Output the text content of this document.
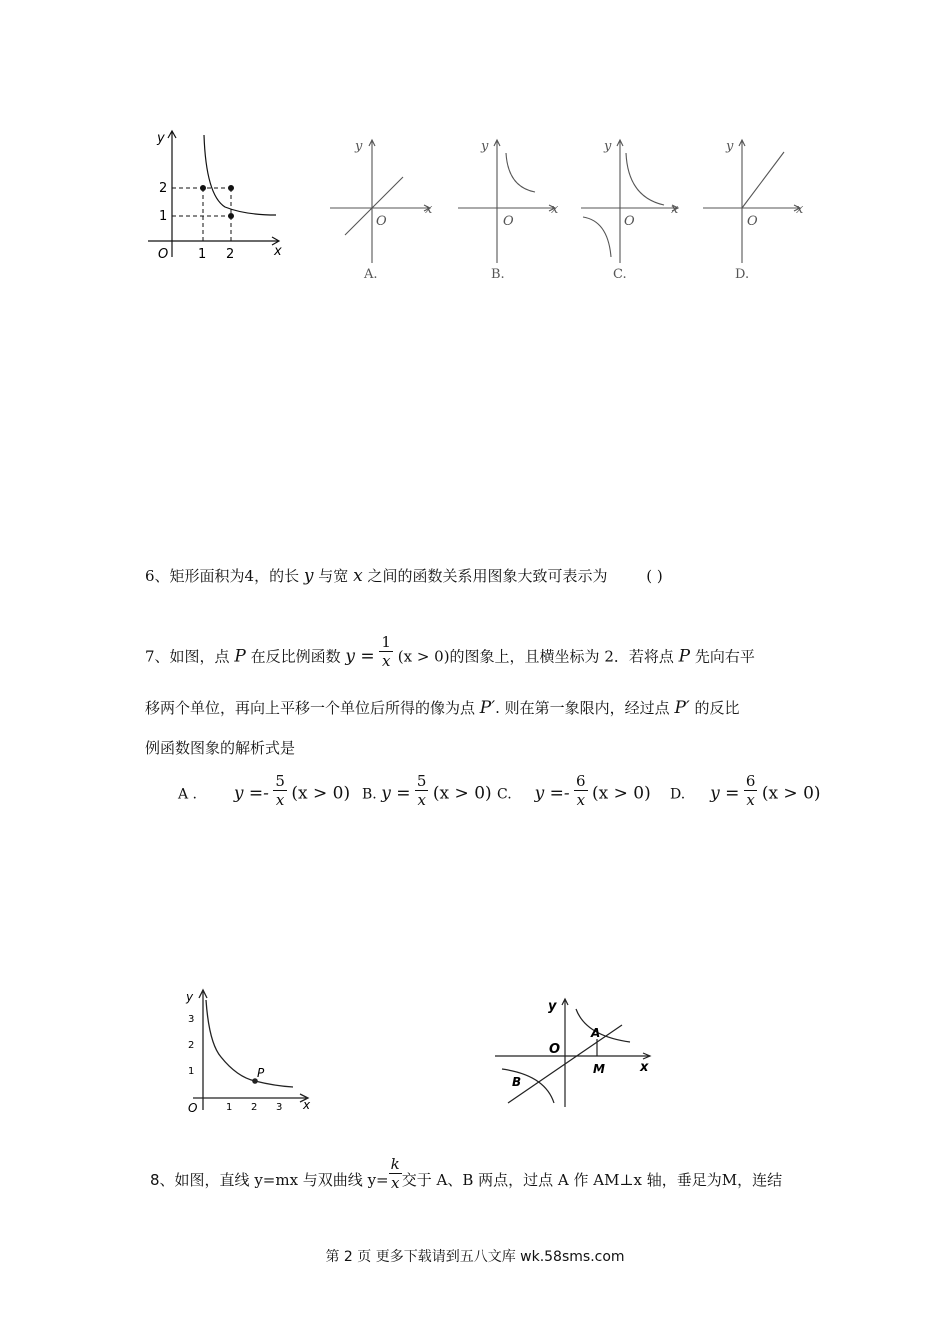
y
x
O 1 2
1
2
y
x
O
A.
y
x
O
B.
y
x
O
C.
y
x
O
D.
6、矩形面积为4，的长 y 与宽 x 之间的函数关系用图象大致可表示为	( )
7、如图，点 P 在反比例函数 $y = \frac{1}{x} (x > 0)$的图象上，且横坐标为 2．若将点 P 先向右平
移两个单位，再向上平移一个单位后所得的像为点 P′. 则在第一象限内，经过点 P′ 的反比
例函数图象的解析式是
A . $y =- \frac{5}{x} (x > 0)$ B. $y = \frac{5}{x} (x > 0)$ C. $y =- \frac{6}{x} (x > 0)$ D. $y = \frac{6}{x} (x > 0)$
y
x
O	1 2 3
1
2
3
P
y
x
O
A
B
M
8、如图，直线 y=mx 与双曲线 $y= \frac{k}{x}$ 交于 A、B 两点，过点 A 作 AM⊥x 轴，垂足为M，连结
第 2 页 更多下载请到五八文库 wk.58sms.com
